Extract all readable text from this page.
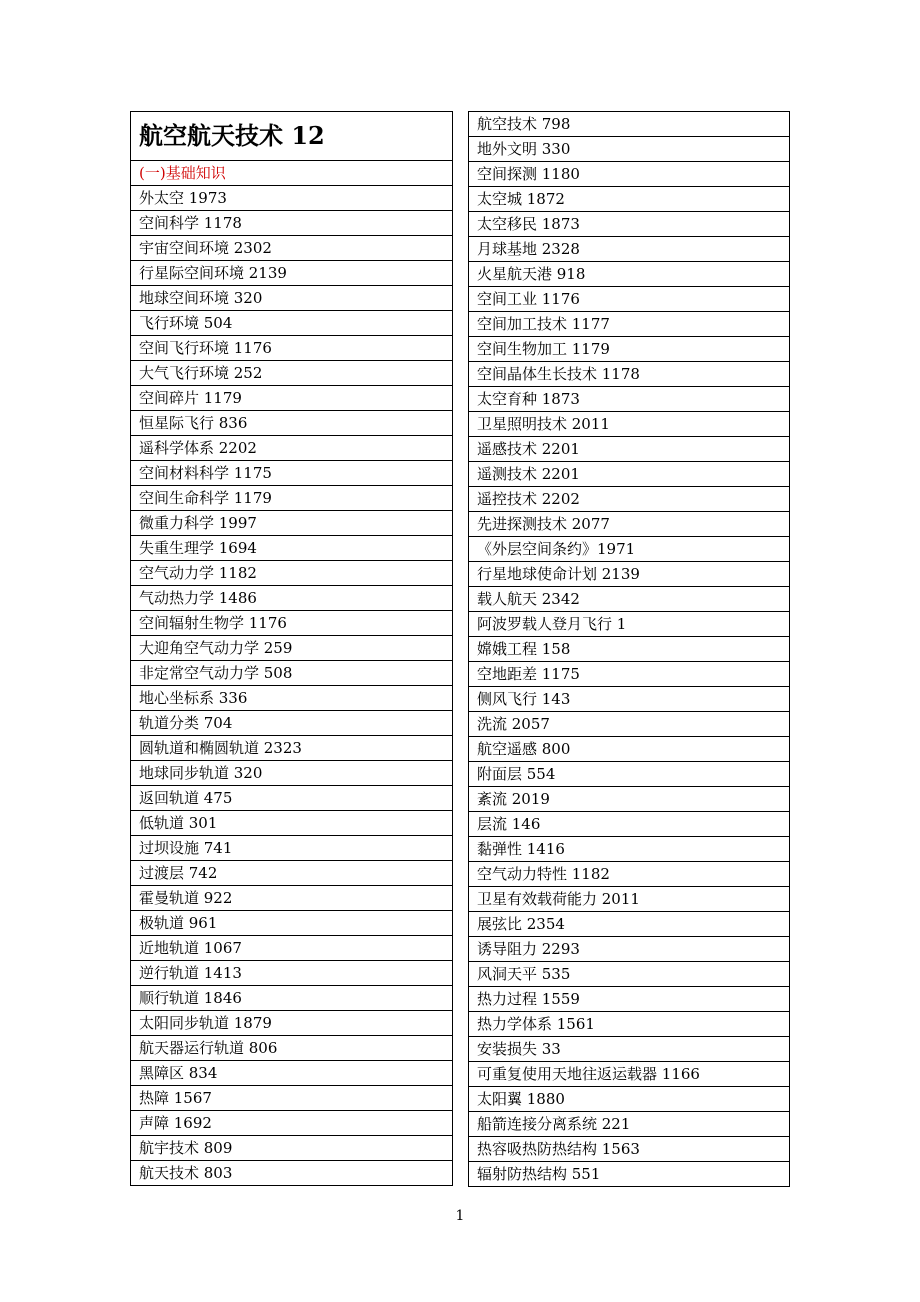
航空航天技术 12
(一)基础知识
外太空 1973
空间科学 1178
宇宙空间环境 2302
行星际空间环境 2139
地球空间环境 320
飞行环境 504
空间飞行环境 1176
大气飞行环境 252
空间碎片 1179
恒星际飞行 836
遥科学体系 2202
空间材料科学 1175
空间生命科学 1179
微重力科学 1997
失重生理学 1694
空气动力学 1182
气动热力学 1486
空间辐射生物学 1176
大迎角空气动力学 259
非定常空气动力学 508
地心坐标系 336
轨道分类 704
圆轨道和椭圆轨道 2323
地球同步轨道 320
返回轨道 475
低轨道 301
过坝设施 741
过渡层 742
霍曼轨道 922
极轨道 961
近地轨道 1067
逆行轨道 1413
顺行轨道 1846
太阳同步轨道 1879
航天器运行轨道 806
黑障区 834
热障 1567
声障 1692
航宇技术 809
航天技术 803
航空技术 798
地外文明 330
空间探测 1180
太空城 1872
太空移民 1873
月球基地 2328
火星航天港 918
空间工业 1176
空间加工技术 1177
空间生物加工 1179
空间晶体生长技术 1178
太空育种 1873
卫星照明技术 2011
遥感技术 2201
遥测技术 2201
遥控技术 2202
先进探测技术 2077
《外层空间条约》1971
行星地球使命计划 2139
载人航天 2342
阿波罗载人登月飞行 1
嫦娥工程 158
空地距差 1175
侧风飞行 143
洗流 2057
航空遥感 800
附面层 554
紊流 2019
层流 146
黏弹性 1416
空气动力特性 1182
卫星有效载荷能力 2011
展弦比 2354
诱导阻力 2293
风洞天平 535
热力过程 1559
热力学体系 1561
安装损失 33
可重复使用天地往返运载器 1166
太阳翼 1880
船箭连接分离系统 221
热容吸热防热结构 1563
辐射防热结构 551
1
